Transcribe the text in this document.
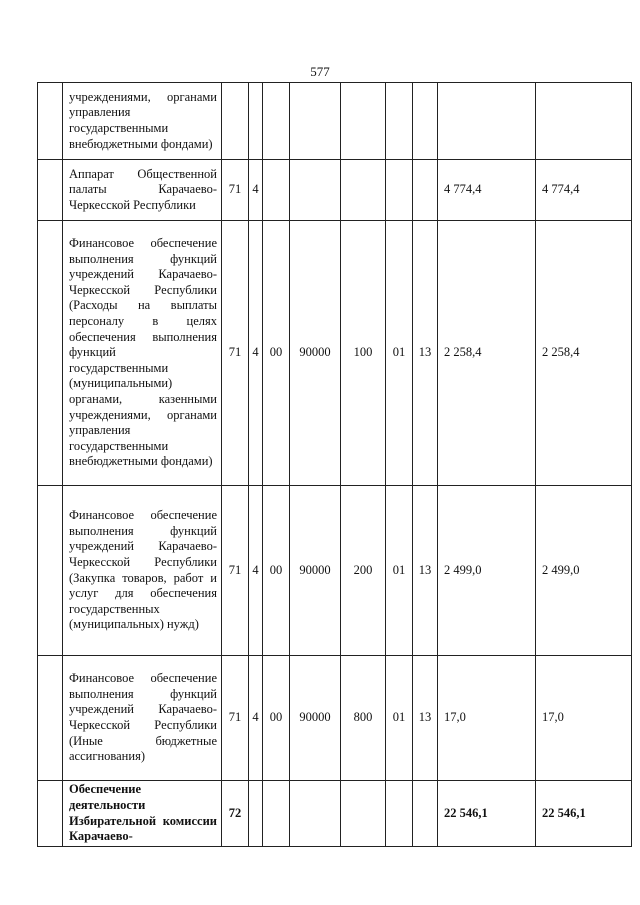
577
	учреждениями, органами управления государственными внебюджетными фондами)									
	Аппарат Общественной палаты Карачаево-Черкесской Республики	71	4						4 774,4	4 774,4
	Финансовое обеспечение выполнения функций учреждений Карачаево-Черкесской Республики (Расходы на выплаты персоналу в целях обеспечения выполнения функций государственными (муниципальными) органами, казенными учреждениями, органами управления государственными внебюджетными фондами)	71	4	00	90000	100	01	13	2 258,4	2 258,4
	Финансовое обеспечение выполнения функций учреждений Карачаево-Черкесской Республики (Закупка товаров, работ и услуг для обеспечения государственных (муниципальных) нужд)	71	4	00	90000	200	01	13	2 499,0	2 499,0
	Финансовое обеспечение выполнения функций учреждений Карачаево-Черкесской Республики (Иные бюджетные ассигнования)	71	4	00	90000	800	01	13	17,0	17,0
	Обеспечение деятельности Избирательной комиссии Карачаево-	72							22 546,1	22 546,1
